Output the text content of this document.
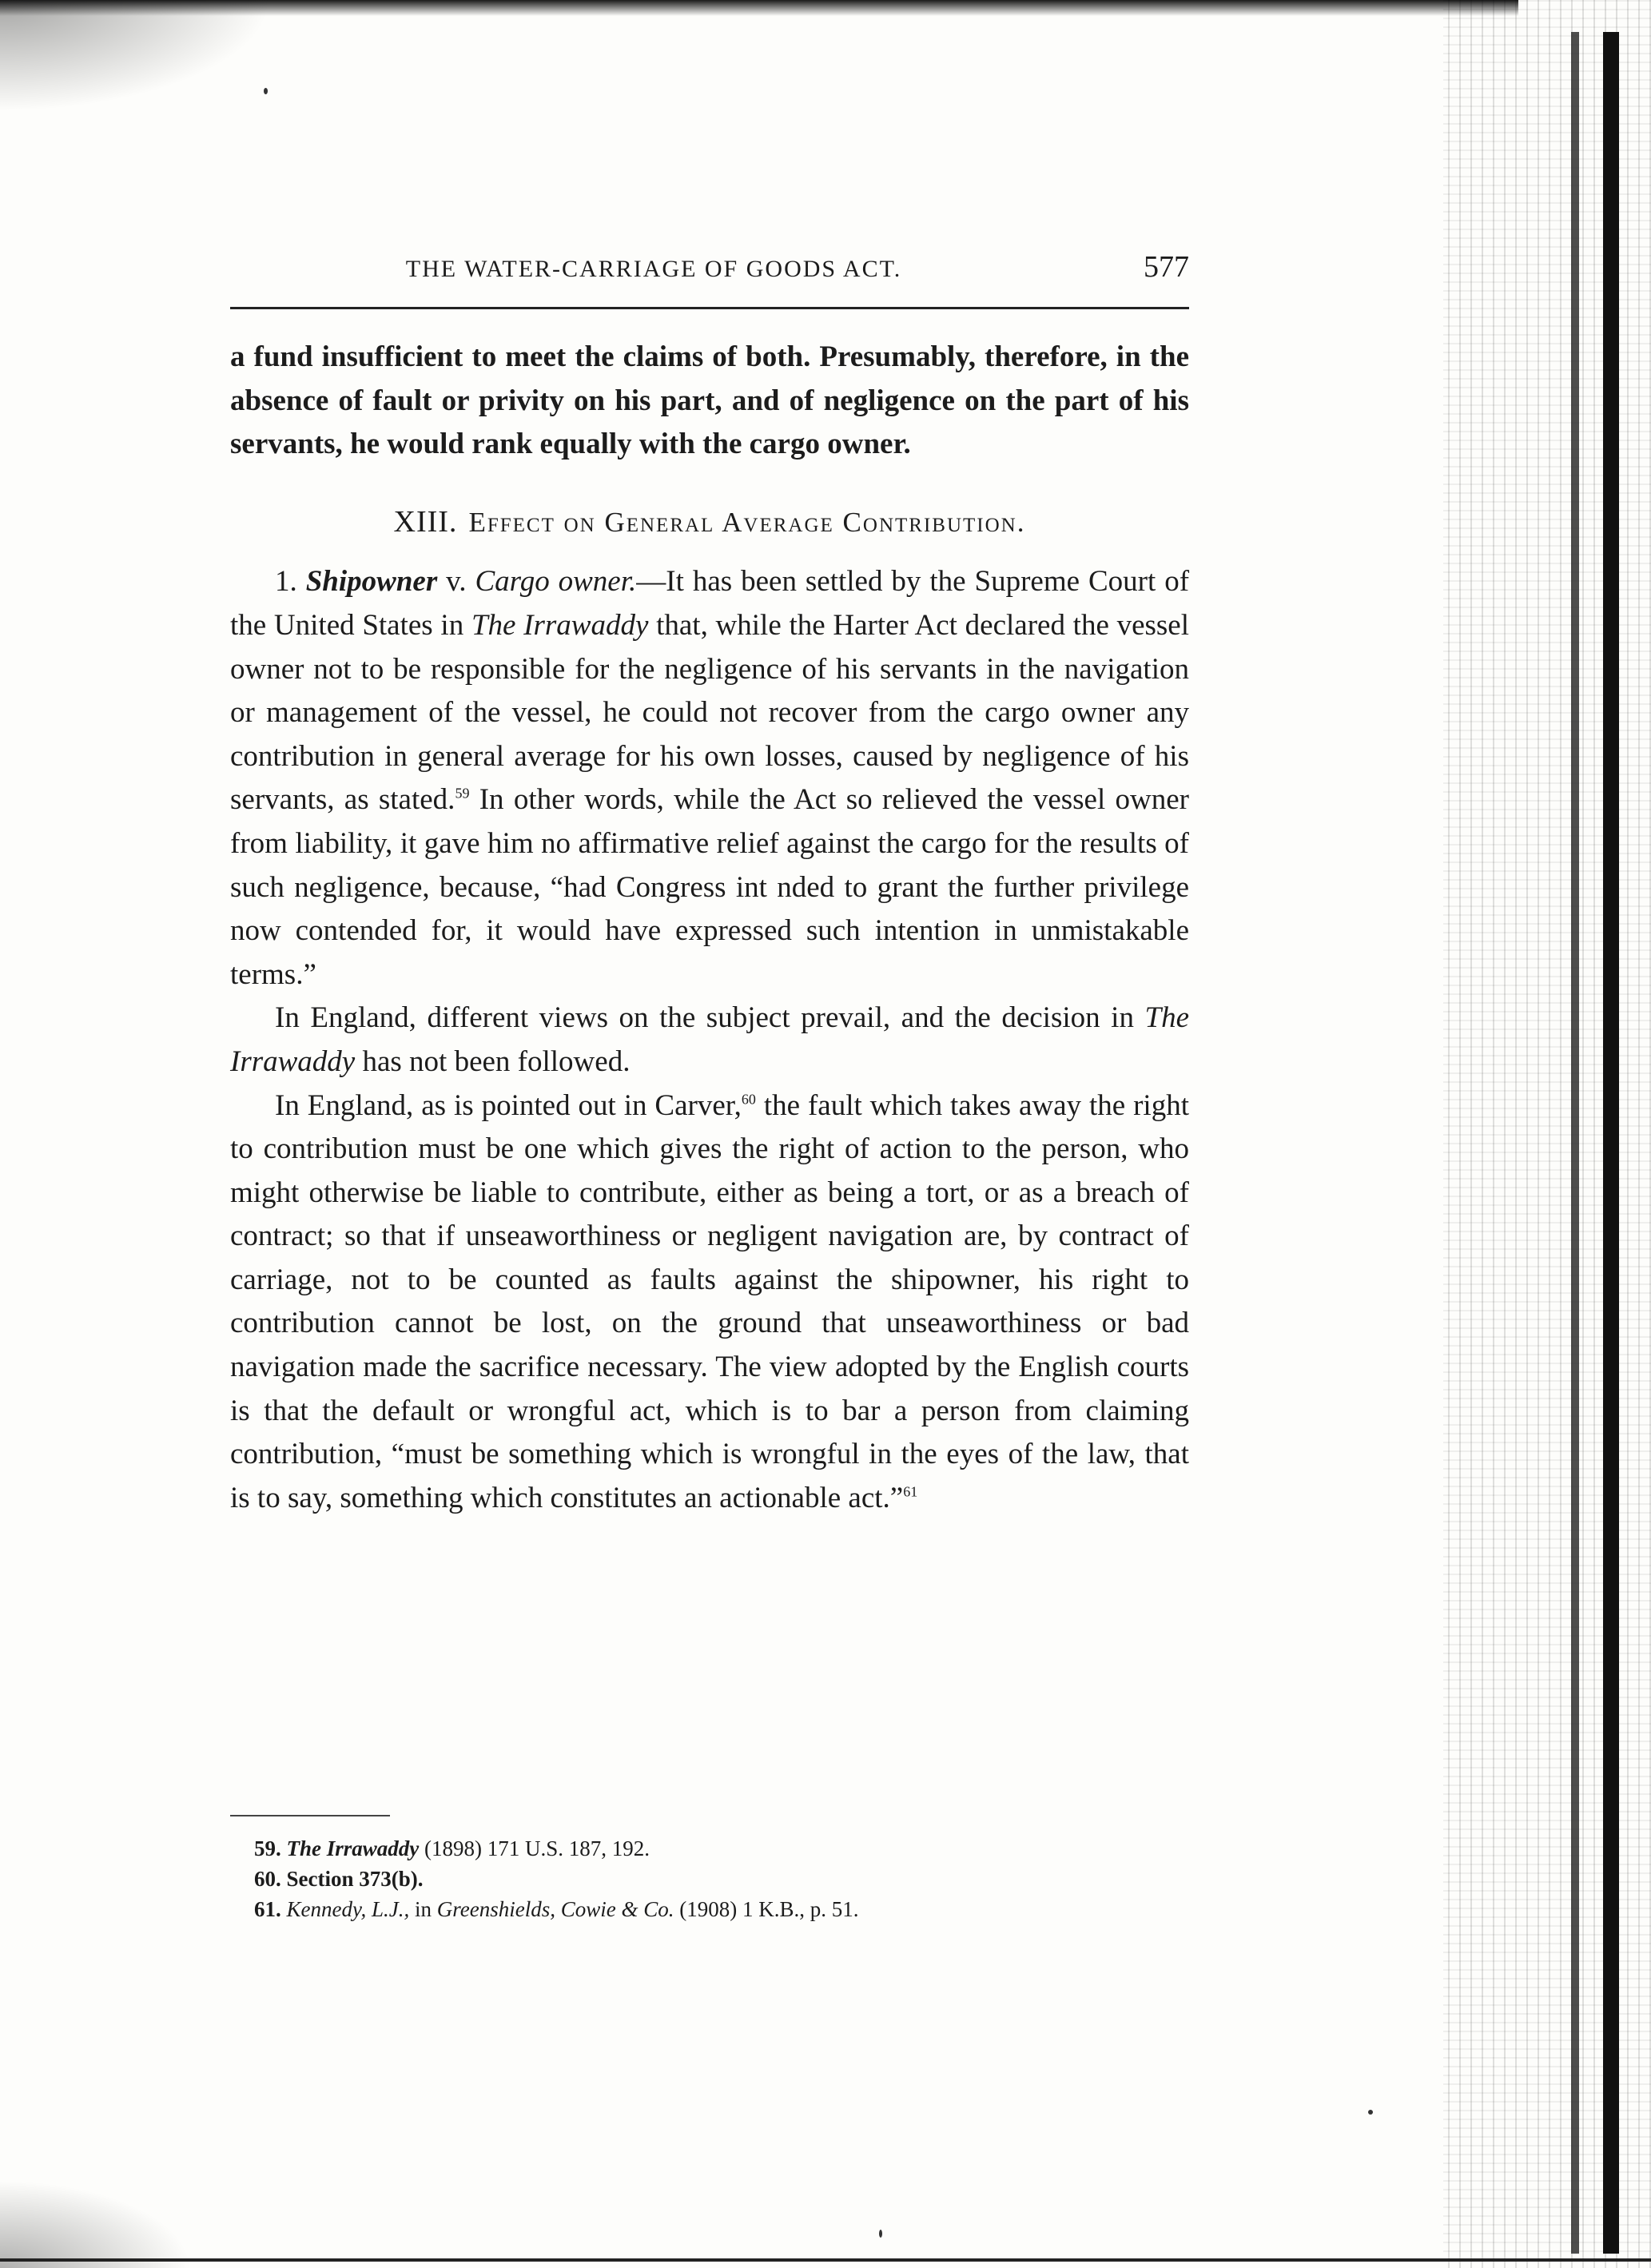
THE WATER-CARRIAGE OF GOODS ACT.	577

a fund insufficient to meet the claims of both. Presumably, therefore, in the absence of fault or privity on his part, and of negligence on the part of his servants, he would rank equally with the cargo owner.

XIII. Effect on General Average Contribution.

1. Shipowner v. Cargo owner.—It has been settled by the Supreme Court of the United States in The Irrawaddy that, while the Harter Act declared the vessel owner not to be responsible for the negligence of his servants in the navigation or management of the vessel, he could not recover from the cargo owner any contribution in general average for his own losses, caused by negligence of his servants, as stated.$^{59}$ In other words, while the Act so relieved the vessel owner from liability, it gave him no affirmative relief against the cargo for the results of such negligence, because, “had Congress int nded to grant the further privilege now contended for, it would have expressed such intention in unmistakable terms.”

In England, different views on the subject prevail, and the decision in The Irrawaddy has not been followed.

In England, as is pointed out in Carver,$^{60}$ the fault which takes away the right to contribution must be one which gives the right of action to the person, who might otherwise be liable to contribute, either as being a tort, or as a breach of contract; so that if unseaworthiness or negligent navigation are, by contract of carriage, not to be counted as faults against the shipowner, his right to contribution cannot be lost, on the ground that unseaworthiness or bad navigation made the sacrifice necessary. The view adopted by the English courts is that the default or wrongful act, which is to bar a person from claiming contribution, “must be something which is wrongful in the eyes of the law, that is to say, something which constitutes an actionable act.”$^{61}$

59. The Irrawaddy (1898) 171 U.S. 187, 192.

60. Section 373(b).

61. Kennedy, L.J., in Greenshields, Cowie & Co. (1908) 1 K.B., p. 51.
